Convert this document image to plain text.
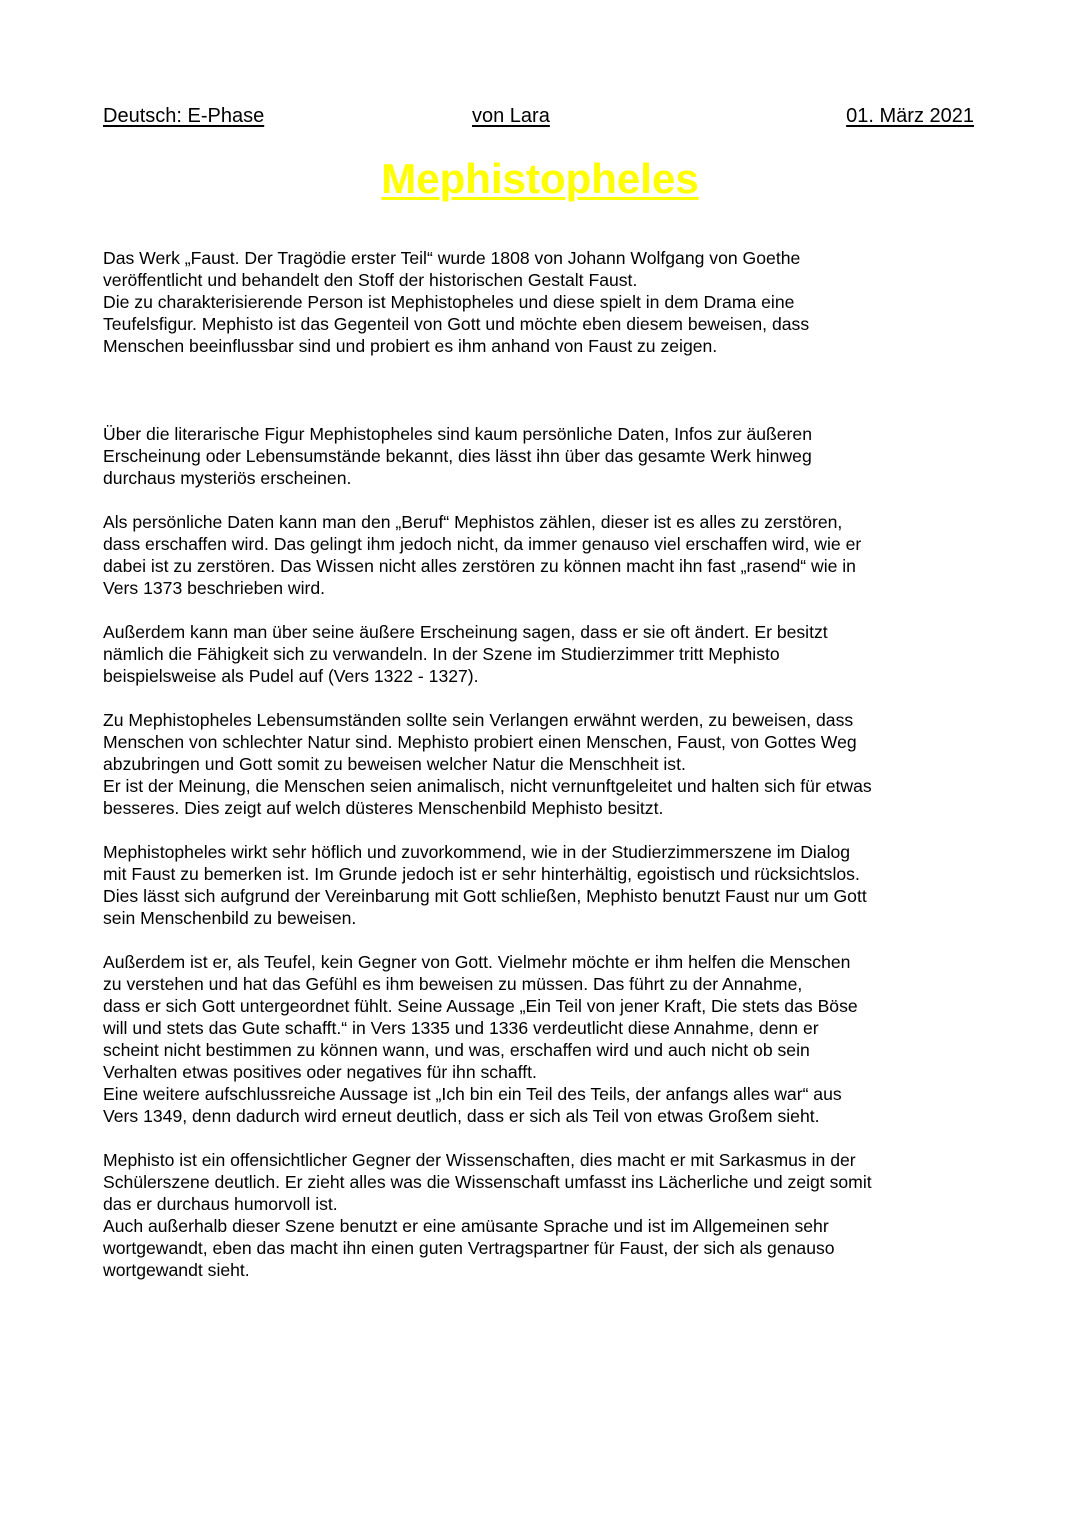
Deutsch: E-Phase	von Lara	01. März 2021
Mephistopheles

Das Werk „Faust. Der Tragödie erster Teil“ wurde 1808 von Johann Wolfgang von Goethe

veröffentlicht und behandelt den Stoff der historischen Gestalt Faust.

Die zu charakterisierende Person ist Mephistopheles und diese spielt in dem Drama eine

Teufelsfigur. Mephisto ist das Gegenteil von Gott und möchte eben diesem beweisen, dass

Menschen beeinflussbar sind und probiert es ihm anhand von Faust zu zeigen.

Über die literarische Figur Mephistopheles sind kaum persönliche Daten, Infos zur äußeren

Erscheinung oder Lebensumstände bekannt, dies lässt ihn über das gesamte Werk hinweg

durchaus mysteriös erscheinen.

Als persönliche Daten kann man den „Beruf“ Mephistos zählen, dieser ist es alles zu zerstören,

dass erschaffen wird. Das gelingt ihm jedoch nicht, da immer genauso viel erschaffen wird, wie er

dabei ist zu zerstören. Das Wissen nicht alles zerstören zu können macht ihn fast „rasend“ wie in

Vers 1373 beschrieben wird.

Außerdem kann man über seine äußere Erscheinung sagen, dass er sie oft ändert. Er besitzt

nämlich die Fähigkeit sich zu verwandeln. In der Szene im Studierzimmer tritt Mephisto

beispielsweise als Pudel auf (Vers 1322 - 1327).

Zu Mephistopheles Lebensumständen sollte sein Verlangen erwähnt werden, zu beweisen, dass

Menschen von schlechter Natur sind. Mephisto probiert einen Menschen, Faust, von Gottes Weg

abzubringen und Gott somit zu beweisen welcher Natur die Menschheit ist.

Er ist der Meinung, die Menschen seien animalisch, nicht vernunftgeleitet und halten sich für etwas

besseres. Dies zeigt auf welch düsteres Menschenbild Mephisto besitzt.

Mephistopheles wirkt sehr höflich und zuvorkommend, wie in der Studierzimmerszene im Dialog

mit Faust zu bemerken ist. Im Grunde jedoch ist er sehr hinterhältig, egoistisch und rücksichtslos.

Dies lässt sich aufgrund der Vereinbarung mit Gott schließen, Mephisto benutzt Faust nur um Gott

sein Menschenbild zu beweisen.

Außerdem ist er, als Teufel, kein Gegner von Gott. Vielmehr möchte er ihm helfen die Menschen

zu verstehen und hat das Gefühl es ihm beweisen zu müssen. Das führt zu der Annahme,

dass er sich Gott untergeordnet fühlt. Seine Aussage „Ein Teil von jener Kraft, Die stets das Böse

will und stets das Gute schafft.“ in Vers 1335 und 1336 verdeutlicht diese Annahme, denn er

scheint nicht bestimmen zu können wann, und was, erschaffen wird und auch nicht ob sein

Verhalten etwas positives oder negatives für ihn schafft.

Eine weitere aufschlussreiche Aussage ist „Ich bin ein Teil des Teils, der anfangs alles war“ aus

Vers 1349, denn dadurch wird erneut deutlich, dass er sich als Teil von etwas Großem sieht.

Mephisto ist ein offensichtlicher Gegner der Wissenschaften, dies macht er mit Sarkasmus in der

Schülerszene deutlich. Er zieht alles was die Wissenschaft umfasst ins Lächerliche und zeigt somit

das er durchaus humorvoll ist.

Auch außerhalb dieser Szene benutzt er eine amüsante Sprache und ist im Allgemeinen sehr

wortgewandt, eben das macht ihn einen guten Vertragspartner für Faust, der sich als genauso

wortgewandt sieht.
